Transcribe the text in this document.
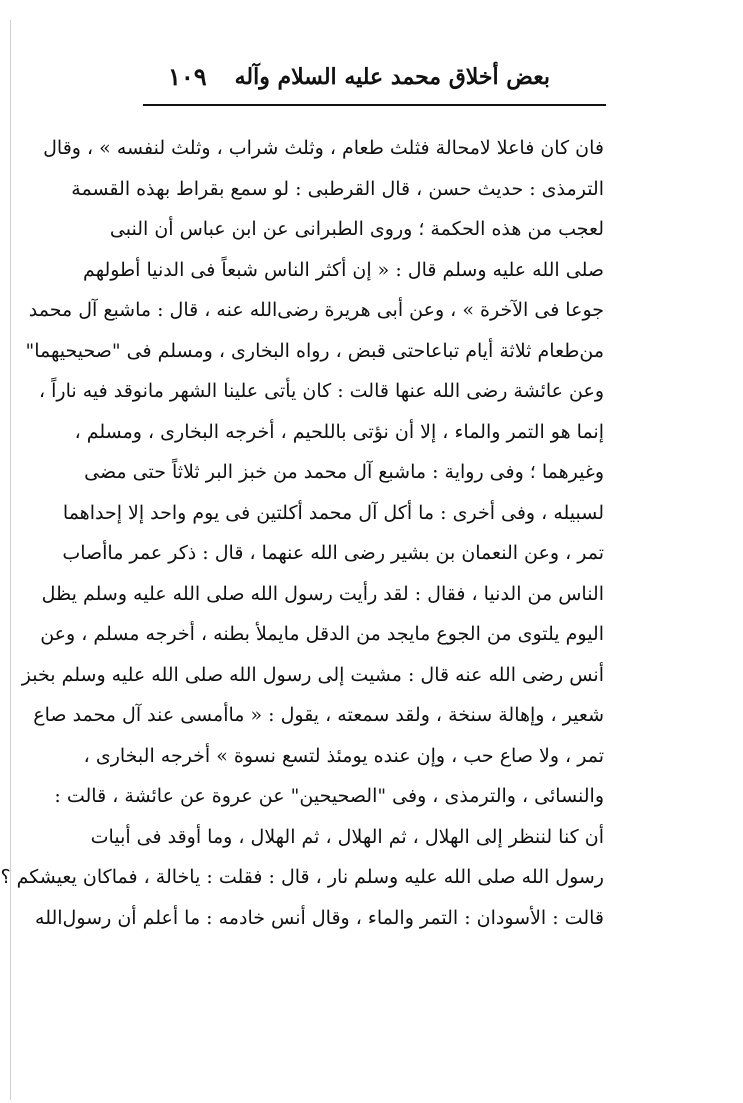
بعض أخلاق محمد عليه السلام وآله
١٠٩
فان كان فاعلا لامحالة فثلث طعام ، وثلث شراب ، وثلث لنفسه » ، وقال
الترمذى : حديث حسن ، قال القرطبى : لو سمع بقراط بهذه القسمة
لعجب من هذه الحكمة ؛ وروى الطبرانى عن ابن عباس أن النبى
صلى الله عليه وسلم قال : « إن أكثر الناس شبعاً فى الدنيا أطولهم
جوعا فى الآخرة » ، وعن أبى هريرة رضى‌الله عنه ، قال : ماشبع آل محمد
من‌طعام ثلاثة أيام تباعاحتى قبض ، رواه البخارى ، ومسلم فى "صحيحيهما"
وعن عائشة رضى الله عنها قالت : كان يأتى علينا الشهر مانوقد فيه ناراً ،
إنما هو التمر والماء ، إلا أن نؤتى باللحيم ، أخرجه البخارى ، ومسلم ،
وغيرهما ؛ وفى رواية : ماشبع آل محمد من خبز البر ثلاثاً حتى مضى
لسبيله ، وفى أخرى : ما أكل آل محمد أكلتين فى يوم واحد إلا إحداهما
تمر ، وعن النعمان بن بشير رضى الله عنهما ، قال : ذكر عمر ماأصاب
الناس من الدنيا ، فقال : لقد رأيت رسول الله صلى الله عليه وسلم يظل
اليوم يلتوى من الجوع مايجد من الدقل مايملأ بطنه ، أخرجه مسلم ، وعن
أنس رضى الله عنه قال : مشيت إلى رسول الله صلى الله عليه وسلم بخبز
شعير ، وإهالة سنخة ، ولقد سمعته ، يقول : « ماأمسى عند آل محمد صاع
تمر ، ولا صاع حب ، وإن عنده يومئذ لتسع نسوة » أخرجه البخارى ،
والنسائى ، والترمذى ، وفى "الصحيحين" عن عروة عن عائشة ، قالت :
أن كنا لننظر إلى الهلال ، ثم الهلال ، ثم الهلال ، وما أوقد فى أبيات
رسول الله صلى الله عليه وسلم نار ، قال : فقلت : ياخالة ، فماكان يعيشكم ؟
قالت : الأسودان : التمر والماء ، وقال أنس خادمه : ما أعلم أن رسول‌الله
